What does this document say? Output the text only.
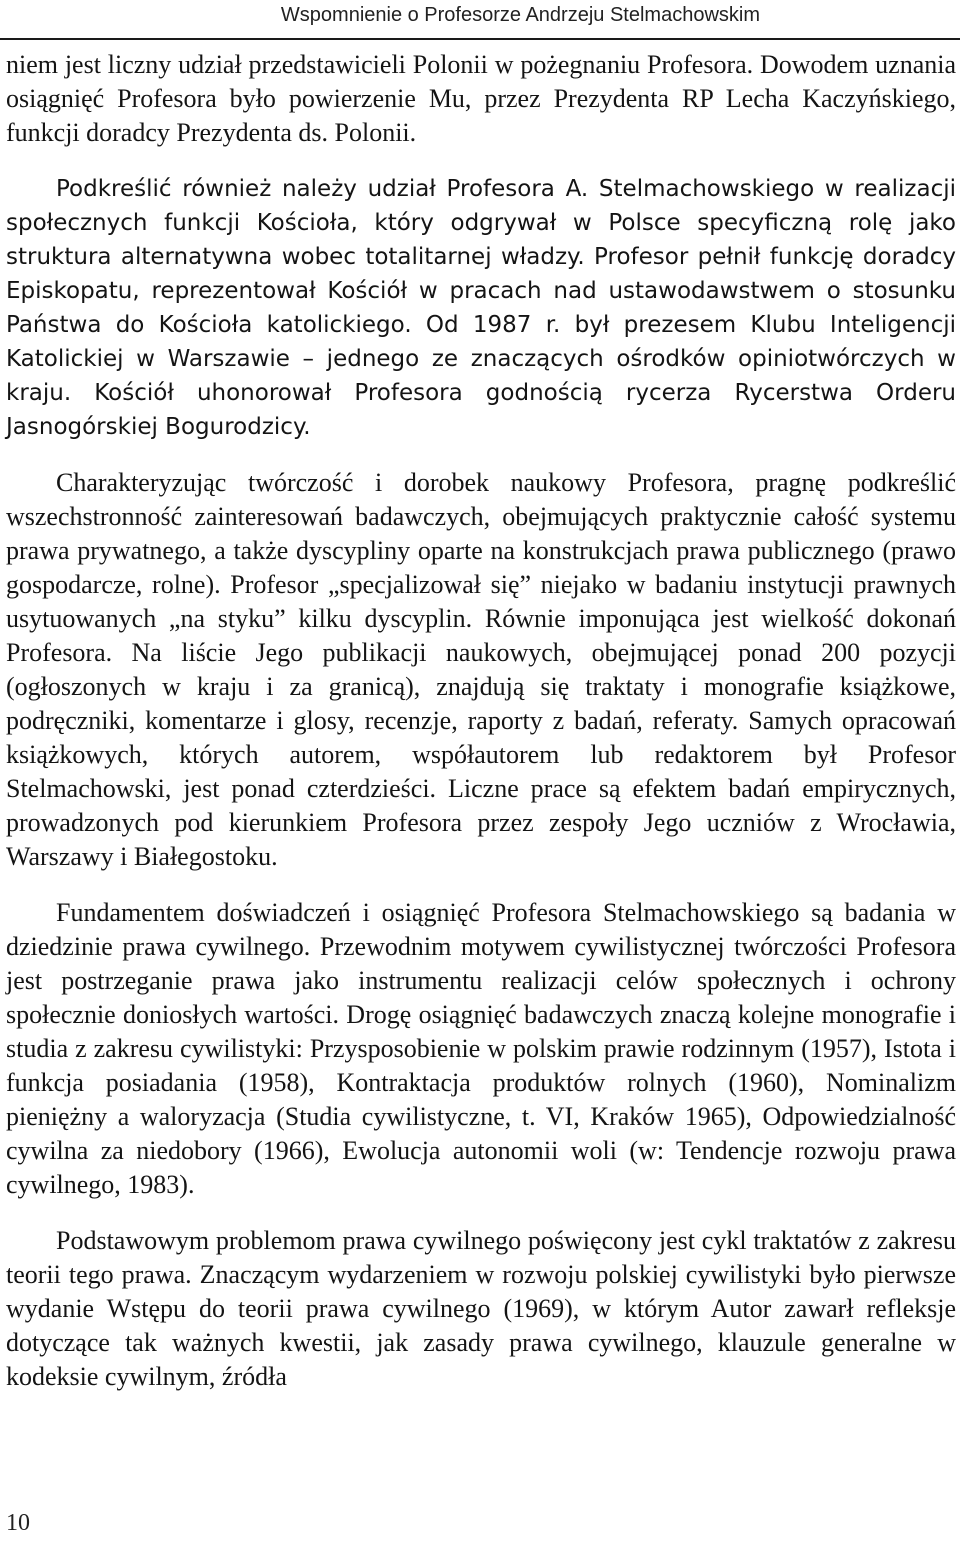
Wspomnienie o Profesorze Andrzeju Stelmachowskim

niem jest liczny udział przedstawicieli Polonii w pożegnaniu Profesora. Dowodem uznania osiągnięć Profesora było powierzenie Mu, przez Prezydenta RP Lecha Kaczyńskiego, funkcji doradcy Prezydenta ds. Polonii.

Podkreślić również należy udział Profesora A. Stelmachowskiego w realizacji społecznych funkcji Kościoła, który odgrywał w Polsce specyficzną rolę jako struktura alternatywna wobec totalitarnej władzy. Profesor pełnił funkcję doradcy Episkopatu, reprezentował Kościół w pracach nad ustawodawstwem o stosunku Państwa do Kościoła katolickiego. Od 1987 r. był prezesem Klubu Inteligencji Katolickiej w Warszawie – jednego ze znaczących ośrodków opiniotwórczych w kraju. Kościół uhonorował Profesora godnością rycerza Rycerstwa Orderu Jasnogórskiej Bogurodzicy.

Charakteryzując twórczość i dorobek naukowy Profesora, pragnę podkreślić wszechstronność zainteresowań badawczych, obejmujących praktycznie całość systemu prawa prywatnego, a także dyscypliny oparte na konstrukcjach prawa publicznego (prawo gospodarcze, rolne). Profesor „specjalizował się” niejako w badaniu instytucji prawnych usytuowanych „na styku” kilku dyscyplin. Równie imponująca jest wielkość dokonań Profesora. Na liście Jego publikacji naukowych, obejmującej ponad 200 pozycji (ogłoszonych w kraju i za granicą), znajdują się traktaty i monografie książkowe, podręczniki, komentarze i glosy, recenzje, raporty z badań, referaty. Samych opracowań książkowych, których autorem, współautorem lub redaktorem był Profesor Stelmachowski, jest ponad czterdzieści. Liczne prace są efektem badań empirycznych, prowadzonych pod kierunkiem Profesora przez zespoły Jego uczniów z Wrocławia, Warszawy i Białegostoku.

Fundamentem doświadczeń i osiągnięć Profesora Stelmachowskiego są badania w dziedzinie prawa cywilnego. Przewodnim motywem cywilistycznej twórczości Profesora jest postrzeganie prawa jako instrumentu realizacji celów społecznych i ochrony społecznie doniosłych wartości. Drogę osiągnięć badawczych znaczą kolejne monografie i studia z zakresu cywilistyki: Przysposobienie w polskim prawie rodzinnym (1957), Istota i funkcja posiadania (1958), Kontraktacja produktów rolnych (1960), Nominalizm pieniężny a waloryzacja (Studia cywilistyczne, t. VI, Kraków 1965), Odpowiedzialność cywilna za niedobory (1966), Ewolucja autonomii woli (w: Tendencje rozwoju prawa cywilnego, 1983).

Podstawowym problemom prawa cywilnego poświęcony jest cykl traktatów z zakresu teorii tego prawa. Znaczącym wydarzeniem w rozwoju polskiej cywilistyki było pierwsze wydanie Wstępu do teorii prawa cywilnego (1969), w którym Autor zawarł refleksje dotyczące tak ważnych kwestii, jak zasady prawa cywilnego, klauzule generalne w kodeksie cywilnym, źródła

10
